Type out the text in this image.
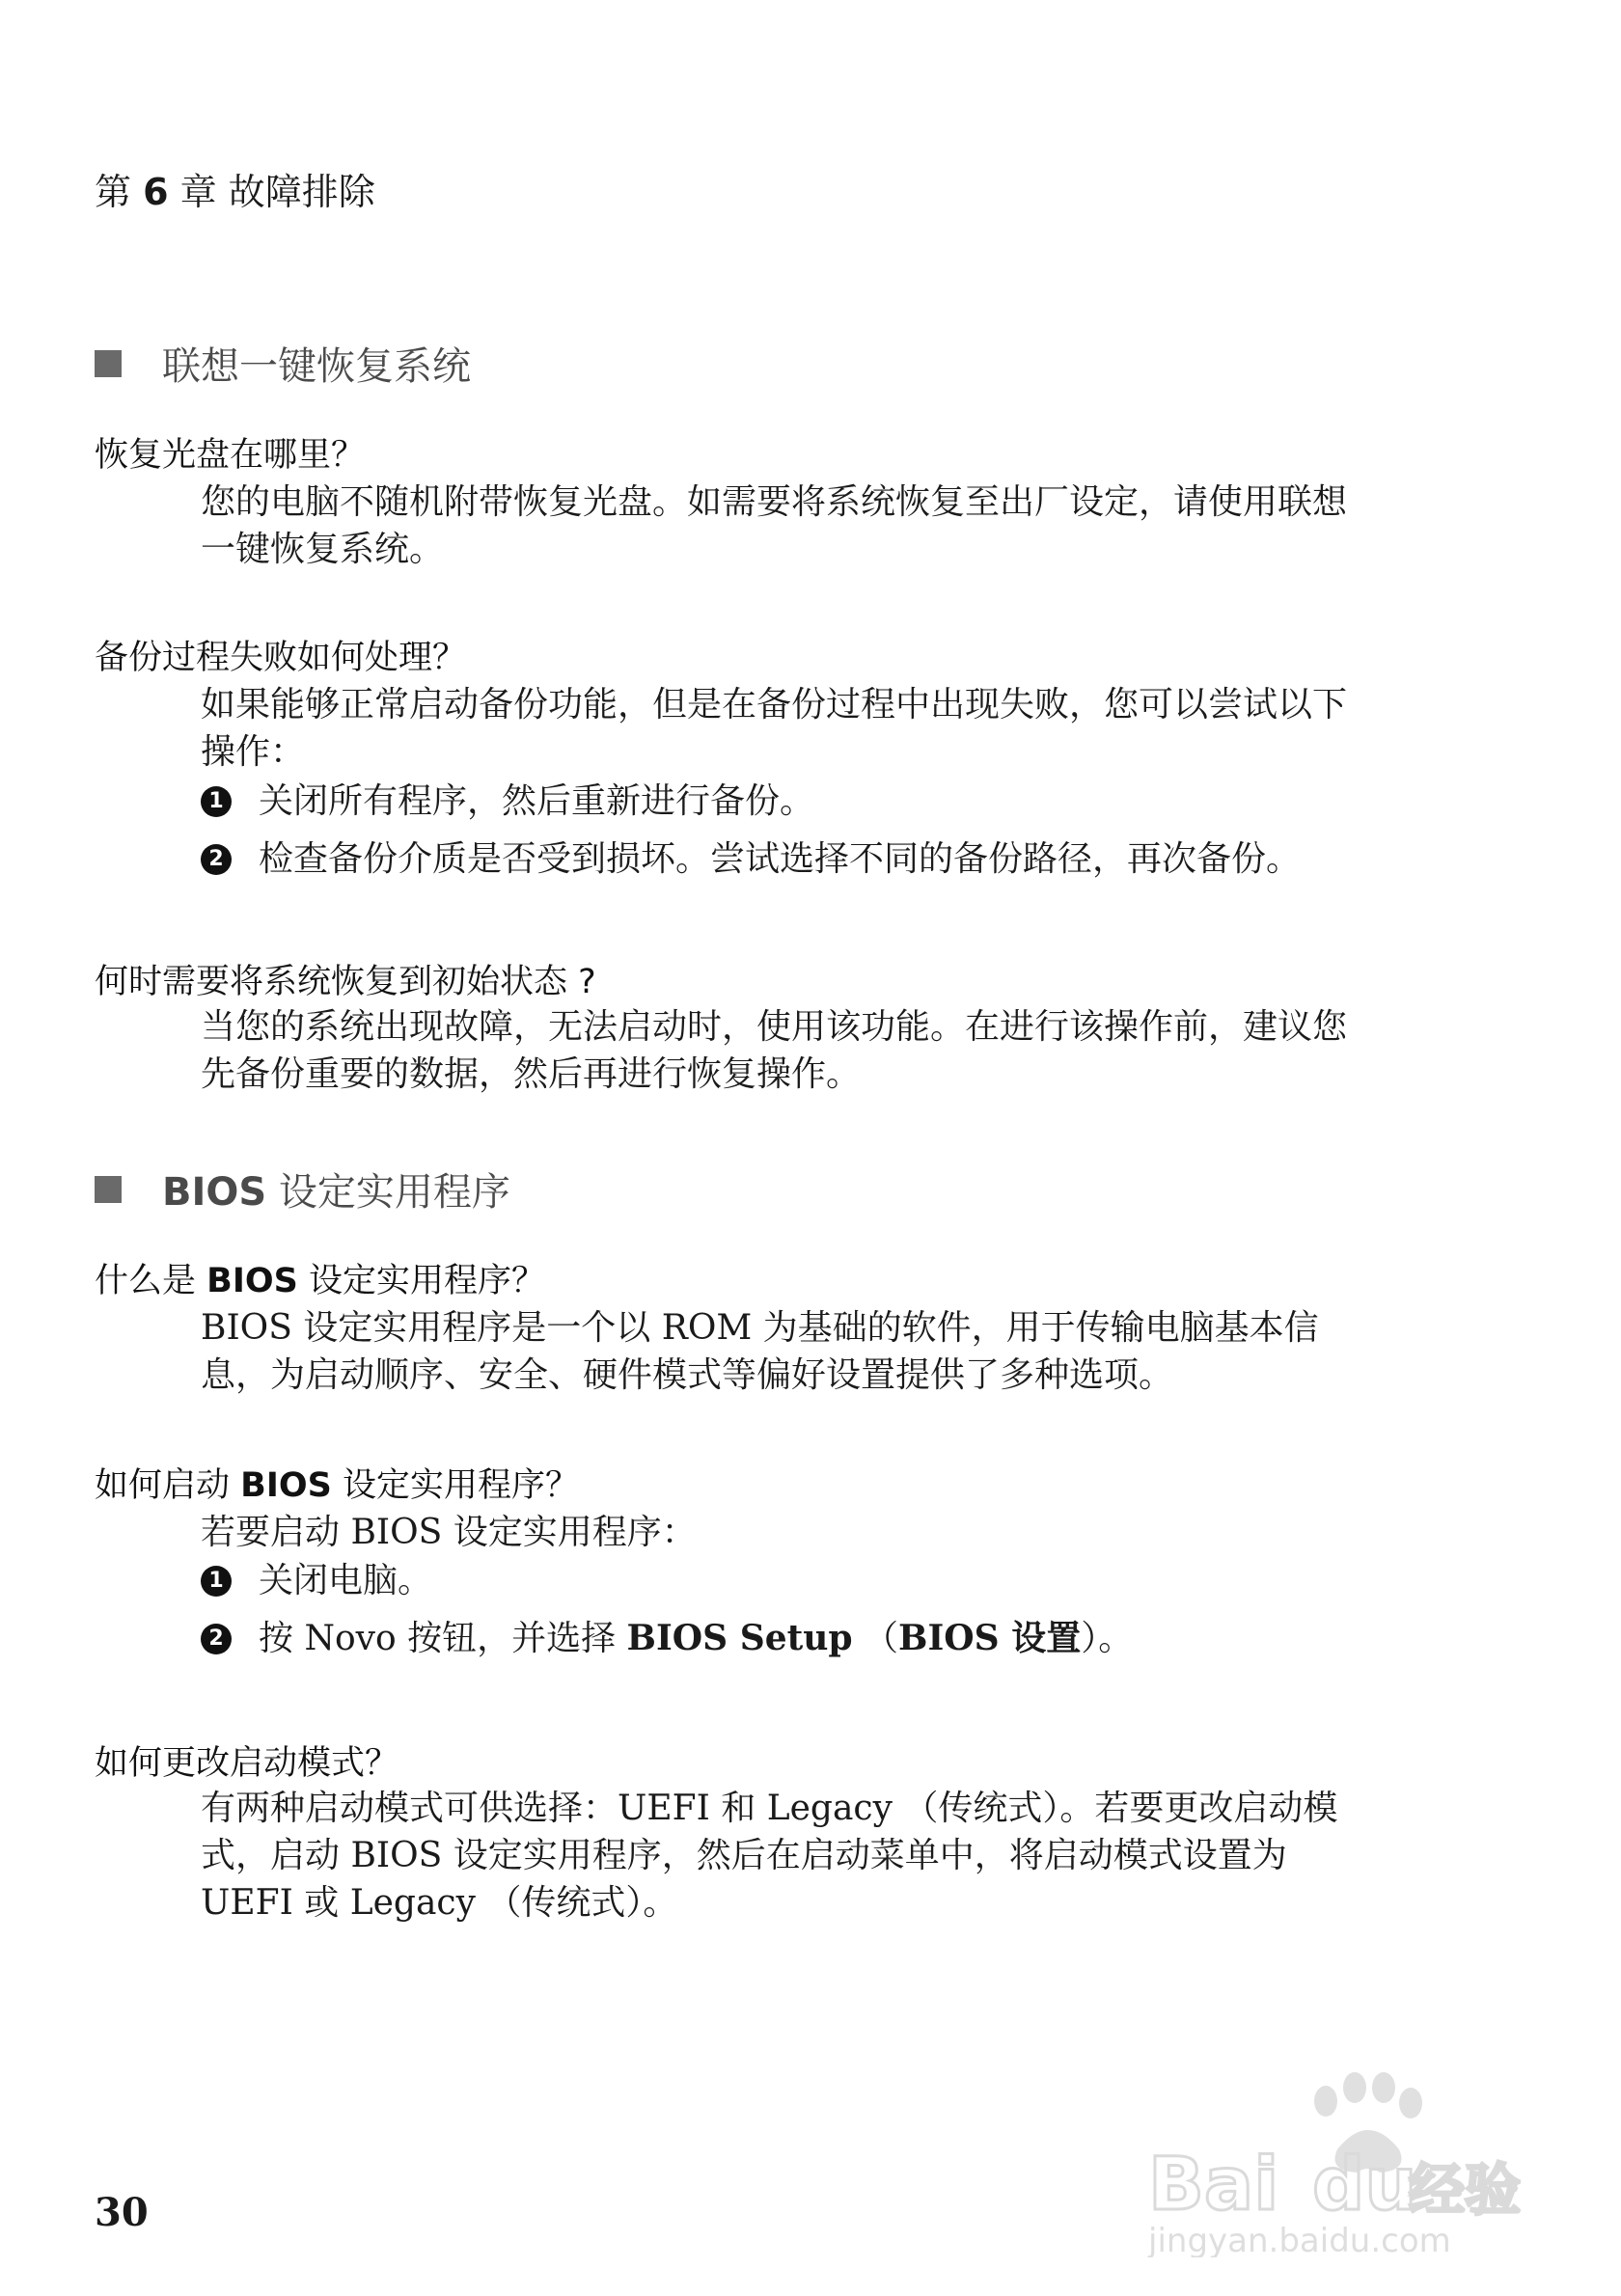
第 6 章 故障排除
联想一键恢复系统
恢复光盘在哪里？
您的电脑不随机附带恢复光盘。如需要将系统恢复至出厂设定，请使用联想
一键恢复系统。
备份过程失败如何处理？
如果能够正常启动备份功能，但是在备份过程中出现失败，您可以尝试以下
操作：
1 关闭所有程序，然后重新进行备份。
2 检查备份介质是否受到损坏。尝试选择不同的备份路径，再次备份。
何时需要将系统恢复到初始状态 ?
当您的系统出现故障，无法启动时，使用该功能。在进行该操作前，建议您
先备份重要的数据，然后再进行恢复操作。
BIOS 设定实用程序
什么是 BIOS 设定实用程序？
BIOS 设定实用程序是一个以 ROM 为基础的软件，用于传输电脑基本信
息，为启动顺序、安全、硬件模式等偏好设置提供了多种选项。
如何启动 BIOS 设定实用程序？
若要启动 BIOS 设定实用程序：
1 关闭电脑。
2 按 Novo 按钮，并选择 BIOS Setup （BIOS 设置）。
如何更改启动模式？
有两种启动模式可供选择：UEFI 和 Legacy （传统式）。若要更改启动模
式，启动 BIOS 设定实用程序，然后在启动菜单中，将启动模式设置为
UEFI 或 Legacy （传统式）。
30	Bai du
经验
jingyan.baidu.com
